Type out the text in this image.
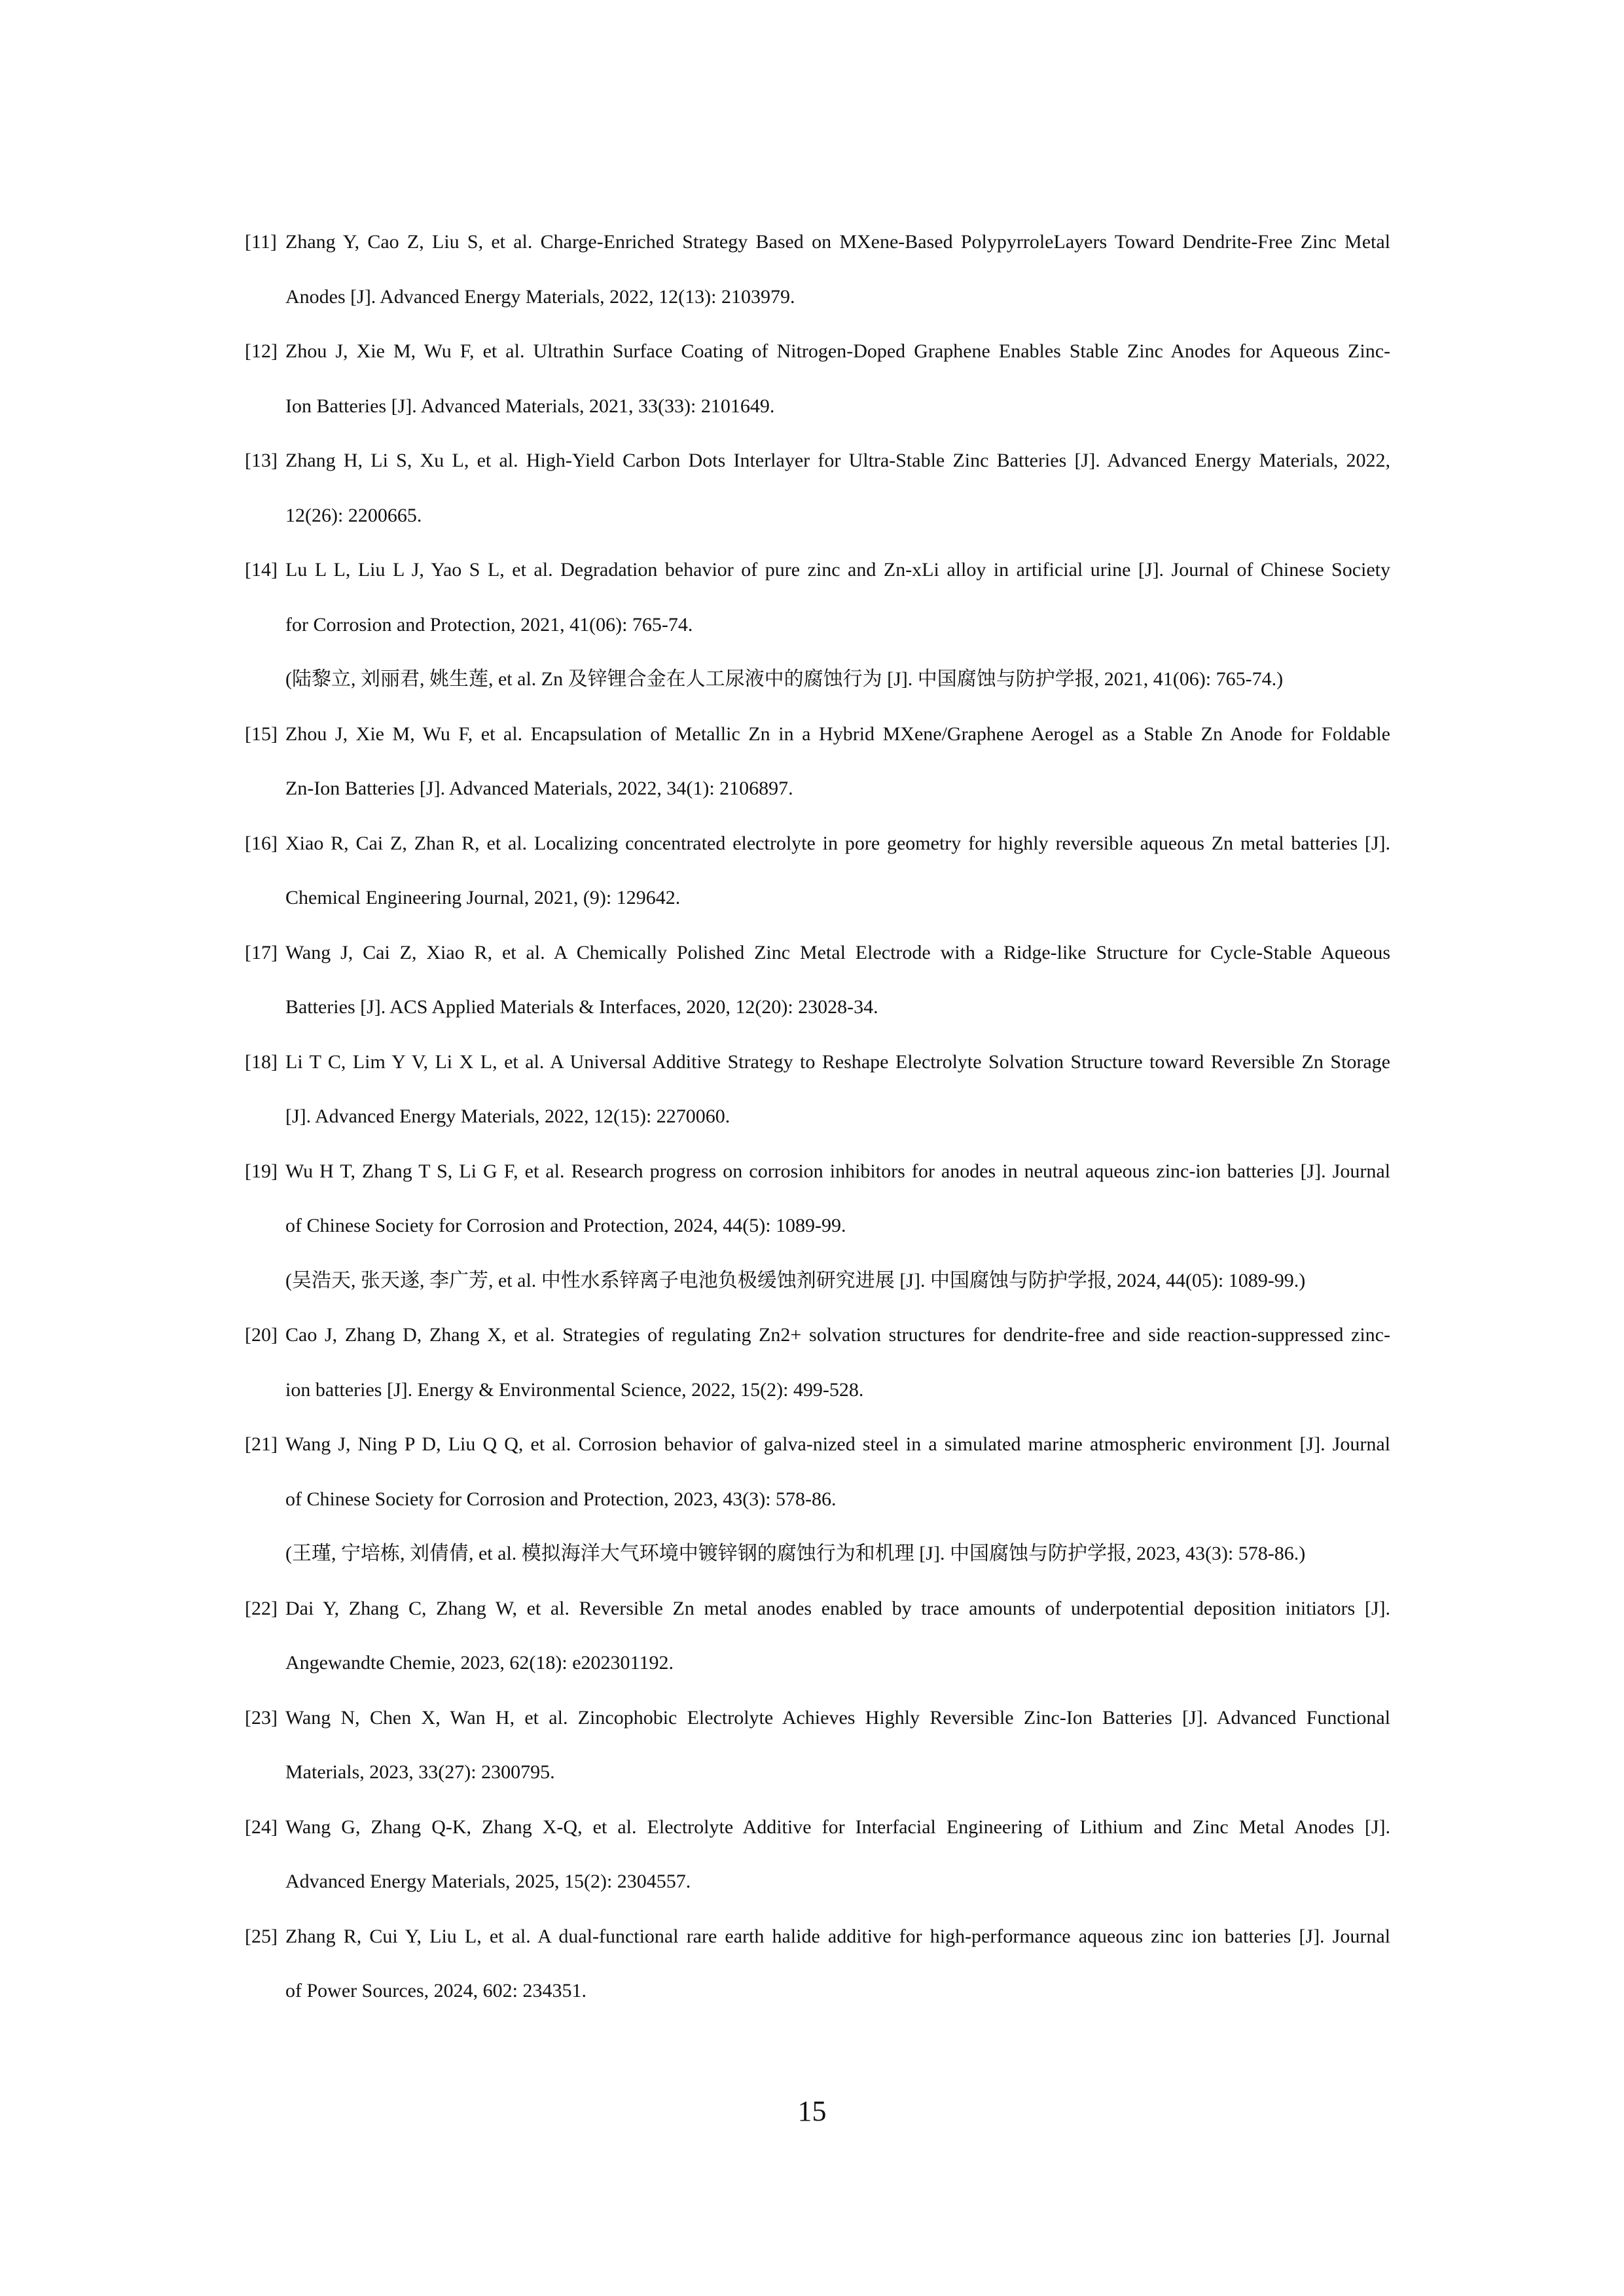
[11] Zhang Y, Cao Z, Liu S, et al. Charge-Enriched Strategy Based on MXene-Based PolypyrroleLayers Toward Dendrite-Free Zinc Metal
Anodes [J]. Advanced Energy Materials, 2022, 12(13): 2103979.
[12] Zhou J, Xie M, Wu F, et al. Ultrathin Surface Coating of Nitrogen-Doped Graphene Enables Stable Zinc Anodes for Aqueous Zinc-
Ion Batteries [J]. Advanced Materials, 2021, 33(33): 2101649.
[13] Zhang H, Li S, Xu L, et al. High-Yield Carbon Dots Interlayer for Ultra-Stable Zinc Batteries [J]. Advanced Energy Materials, 2022,
12(26): 2200665.
[14] Lu L L, Liu L J, Yao S L, et al. Degradation behavior of pure zinc and Zn-xLi alloy in artificial urine [J]. Journal of Chinese Society
for Corrosion and Protection, 2021, 41(06): 765-74.
(陆黎立, 刘丽君, 姚生莲, et al. Zn 及锌锂合金在人工尿液中的腐蚀行为 [J]. 中国腐蚀与防护学报, 2021, 41(06): 765-74.)
[15] Zhou J, Xie M, Wu F, et al. Encapsulation of Metallic Zn in a Hybrid MXene/Graphene Aerogel as a Stable Zn Anode for Foldable
Zn-Ion Batteries [J]. Advanced Materials, 2022, 34(1): 2106897.
[16] Xiao R, Cai Z, Zhan R, et al. Localizing concentrated electrolyte in pore geometry for highly reversible aqueous Zn metal batteries [J].
Chemical Engineering Journal, 2021, (9): 129642.
[17] Wang J, Cai Z, Xiao R, et al. A Chemically Polished Zinc Metal Electrode with a Ridge-like Structure for Cycle-Stable Aqueous
Batteries [J]. ACS Applied Materials & Interfaces, 2020, 12(20): 23028-34.
[18] Li T C, Lim Y V, Li X L, et al. A Universal Additive Strategy to Reshape Electrolyte Solvation Structure toward Reversible Zn Storage
[J]. Advanced Energy Materials, 2022, 12(15): 2270060.
[19] Wu H T, Zhang T S, Li G F, et al. Research progress on corrosion inhibitors for anodes in neutral aqueous zinc-ion batteries [J]. Journal
of Chinese Society for Corrosion and Protection, 2024, 44(5): 1089-99.
(吴浩天, 张天遂, 李广芳, et al. 中性水系锌离子电池负极缓蚀剂研究进展 [J]. 中国腐蚀与防护学报, 2024, 44(05): 1089-99.)
[20] Cao J, Zhang D, Zhang X, et al. Strategies of regulating Zn2+ solvation structures for dendrite-free and side reaction-suppressed zinc-
ion batteries [J]. Energy & Environmental Science, 2022, 15(2): 499-528.
[21] Wang J, Ning P D, Liu Q Q, et al. Corrosion behavior of galva-nized steel in a simulated marine atmospheric environment [J]. Journal
of Chinese Society for Corrosion and Protection, 2023, 43(3): 578-86.
(王瑾, 宁培栋, 刘倩倩, et al. 模拟海洋大气环境中镀锌钢的腐蚀行为和机理 [J]. 中国腐蚀与防护学报, 2023, 43(3): 578-86.)
[22] Dai Y, Zhang C, Zhang W, et al. Reversible Zn metal anodes enabled by trace amounts of underpotential deposition initiators [J].
Angewandte Chemie, 2023, 62(18): e202301192.
[23] Wang N, Chen X, Wan H, et al. Zincophobic Electrolyte Achieves Highly Reversible Zinc-Ion Batteries [J]. Advanced Functional
Materials, 2023, 33(27): 2300795.
[24] Wang G, Zhang Q-K, Zhang X-Q, et al. Electrolyte Additive for Interfacial Engineering of Lithium and Zinc Metal Anodes [J].
Advanced Energy Materials, 2025, 15(2): 2304557.
[25] Zhang R, Cui Y, Liu L, et al. A dual-functional rare earth halide additive for high-performance aqueous zinc ion batteries [J]. Journal
of Power Sources, 2024, 602: 234351.
15
